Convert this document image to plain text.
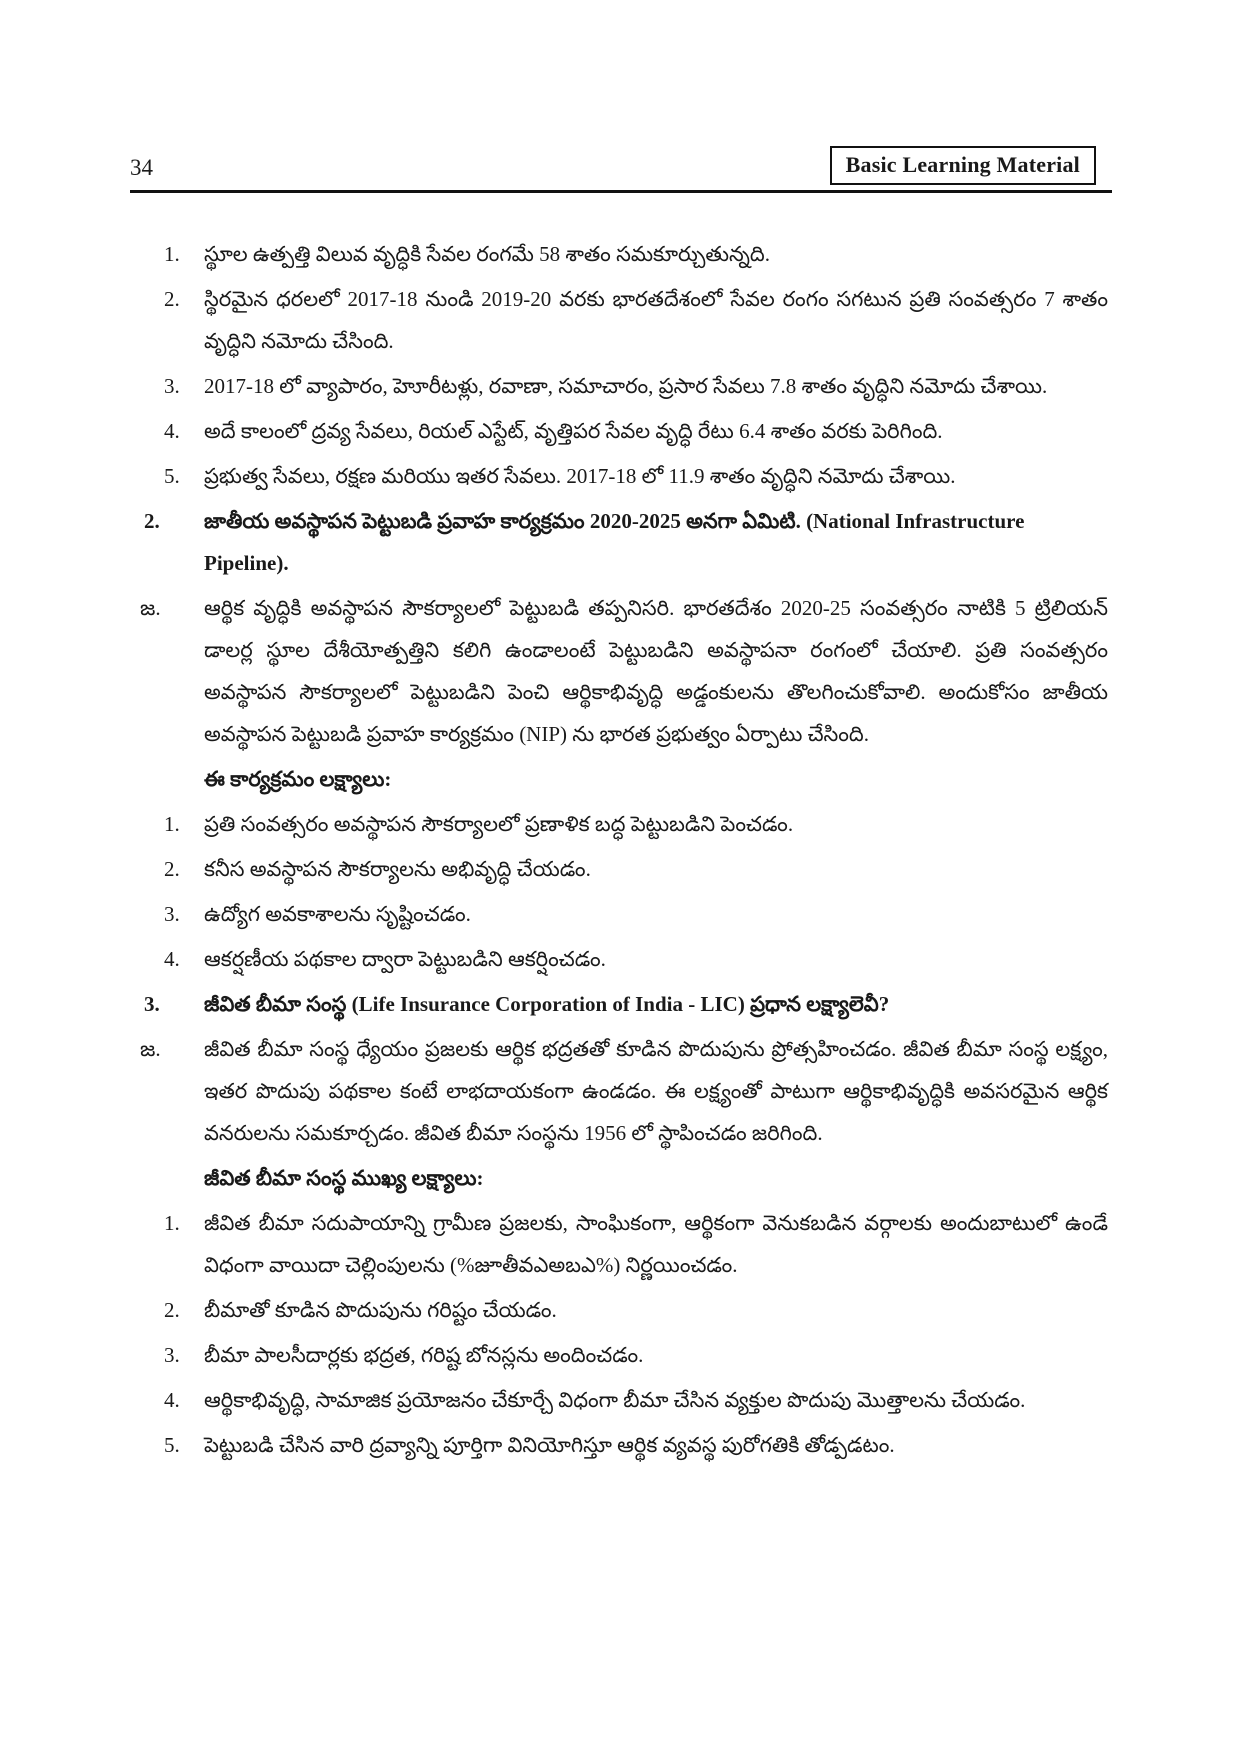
34	Basic Learning Material
1.	స్థూల ఉత్పత్తి విలువ వృద్ధికి సేవల రంగమే 58 శాతం సమకూర్చుతున్నది.
2.	స్థిరమైన ధరలలో 2017-18 నుండి 2019-20 వరకు భారతదేశంలో సేవల రంగం సగటున ప్రతి సంవత్సరం 7 శాతం వృద్ధిని నమోదు చేసింది.
3.	2017-18 లో వ్యాపారం, హెూరీటళ్లు, రవాణా, సమాచారం, ప్రసార సేవలు 7.8 శాతం వృద్ధిని నమోదు చేశాయి.
4.	అదే కాలంలో ద్రవ్య సేవలు, రియల్ ఎస్టేట్, వృత్తిపర సేవల వృద్ధి రేటు 6.4 శాతం వరకు పెరిగింది.
5.	ప్రభుత్వ సేవలు, రక్షణ మరియు ఇతర సేవలు. 2017-18 లో 11.9 శాతం వృద్ధిని నమోదు చేశాయి.
2.	జాతీయ అవస్థాపన పెట్టుబడి ప్రవాహ కార్యక్రమం 2020-2025 అనగా ఏమిటి. (National Infrastructure Pipeline).
జ.	ఆర్థిక వృద్ధికి అవస్థాపన సౌకర్యాలలో పెట్టుబడి తప్పనిసరి. భారతదేశం 2020-25 సంవత్సరం నాటికి 5 ట్రిలియన్ డాలర్ల స్థూల దేశీయోత్పత్తిని కలిగి ఉండాలంటే పెట్టుబడిని అవస్థాపనా రంగంలో చేయాలి. ప్రతి సంవత్సరం అవస్థాపన సౌకర్యాలలో పెట్టుబడిని పెంచి ఆర్థికాభివృద్ధి అడ్డంకులను తొలగించుకోవాలి. అందుకోసం జాతీయ అవస్థాపన పెట్టుబడి ప్రవాహ కార్యక్రమం (NIP) ను భారత ప్రభుత్వం ఏర్పాటు చేసింది.
ఈ కార్యక్రమం లక్ష్యాలు:
1.	ప్రతి సంవత్సరం అవస్థాపన సౌకర్యాలలో ప్రణాళిక బద్ధ పెట్టుబడిని పెంచడం.
2.	కనీస అవస్థాపన సౌకర్యాలను అభివృద్ధి చేయడం.
3.	ఉద్యోగ అవకాశాలను సృష్టించడం.
4.	ఆకర్షణీయ పథకాల ద్వారా పెట్టుబడిని ఆకర్షించడం.
3.	జీవిత బీమా సంస్థ (Life Insurance Corporation of India - LIC) ప్రధాన లక్ష్యాలెవీ?
జ.	జీవిత బీమా సంస్థ ధ్యేయం ప్రజలకు ఆర్థిక భద్రతతో కూడిన పొదుపును ప్రోత్సహించడం. జీవిత బీమా సంస్థ లక్ష్యం, ఇతర పొదుపు పథకాల కంటే లాభదాయకంగా ఉండడం. ఈ లక్ష్యంతో పాటుగా ఆర్థికాభివృద్ధికి అవసరమైన ఆర్థిక వనరులను సమకూర్చడం. జీవిత బీమా సంస్థను 1956 లో స్థాపించడం జరిగింది.
జీవిత బీమా సంస్థ ముఖ్య లక్ష్యాలు:
1.	జీవిత బీమా సదుపాయాన్ని గ్రామీణ ప్రజలకు, సాంఘికంగా, ఆర్థికంగా వెనుకబడిన వర్గాలకు అందుబాటులో ఉండే విధంగా వాయిదా చెల్లింపులను (%జూతీవఎఅబఎ%) నిర్ణయించడం.
2.	బీమాతో కూడిన పొదుపును గరిష్టం చేయడం.
3.	బీమా పాలసీదార్లకు భద్రత, గరిష్ట బోనస్లను అందించడం.
4.	ఆర్థికాభివృద్ధి, సామాజిక ప్రయోజనం చేకూర్చే విధంగా బీమా చేసిన వ్యక్తుల పొదుపు మొత్తాలను చేయడం.
5.	పెట్టుబడి చేసిన వారి ద్రవ్యాన్ని పూర్తిగా వినియోగిస్తూ ఆర్థిక వ్యవస్థ పురోగతికి తోడ్పడటం.
